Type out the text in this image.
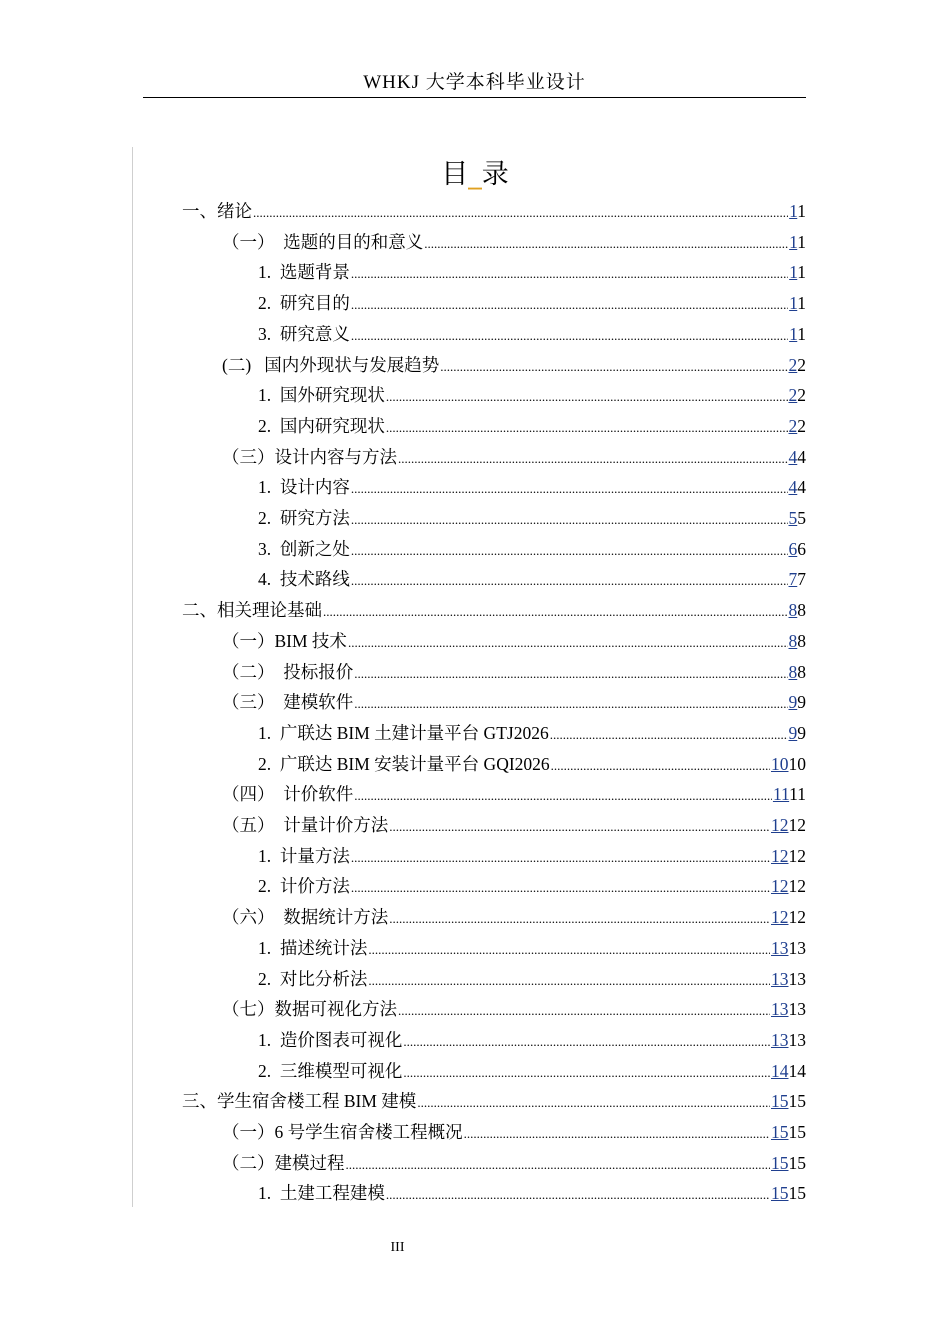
WHKJ 大学本科毕业设计
目_录
一、绪论 .....	11
（一）  选题的目的和意义 .....	11
1.  选题背景 .....	11
2.  研究目的 .....	11
3.  研究意义 .....	11
(二)   国内外现状与发展趋势 .....	22
1.  国外研究现状 .....	22
2.  国内研究现状 .....	22
（三）设计内容与方法 .....	44
1.  设计内容 .....	44
2.  研究方法 .....	55
3.  创新之处 .....	66
4.  技术路线 .....	77
二、相关理论基础 .....	88
（一）BIM 技术 .....	88
（二）  投标报价 .....	88
（三）  建模软件 .....	99
1.  广联达 BIM 土建计量平台 GTJ2026 .....	99
2.  广联达 BIM 安装计量平台 GQI2026 .....	1010
（四）  计价软件 .....	1111
（五）  计量计价方法 .....	1212
1.  计量方法 .....	1212
2.  计价方法 .....	1212
（六）  数据统计方法 .....	1212
1.  描述统计法 .....	1313
2.  对比分析法 .....	1313
（七）数据可视化方法 .....	1313
1.  造价图表可视化 .....	1313
2.  三维模型可视化 .....	1414
三、学生宿舍楼工程 BIM 建模 .....	1515
（一）6 号学生宿舍楼工程概况 .....	1515
（二）建模过程 .....	1515
1.  土建工程建模 .....	1515
III
